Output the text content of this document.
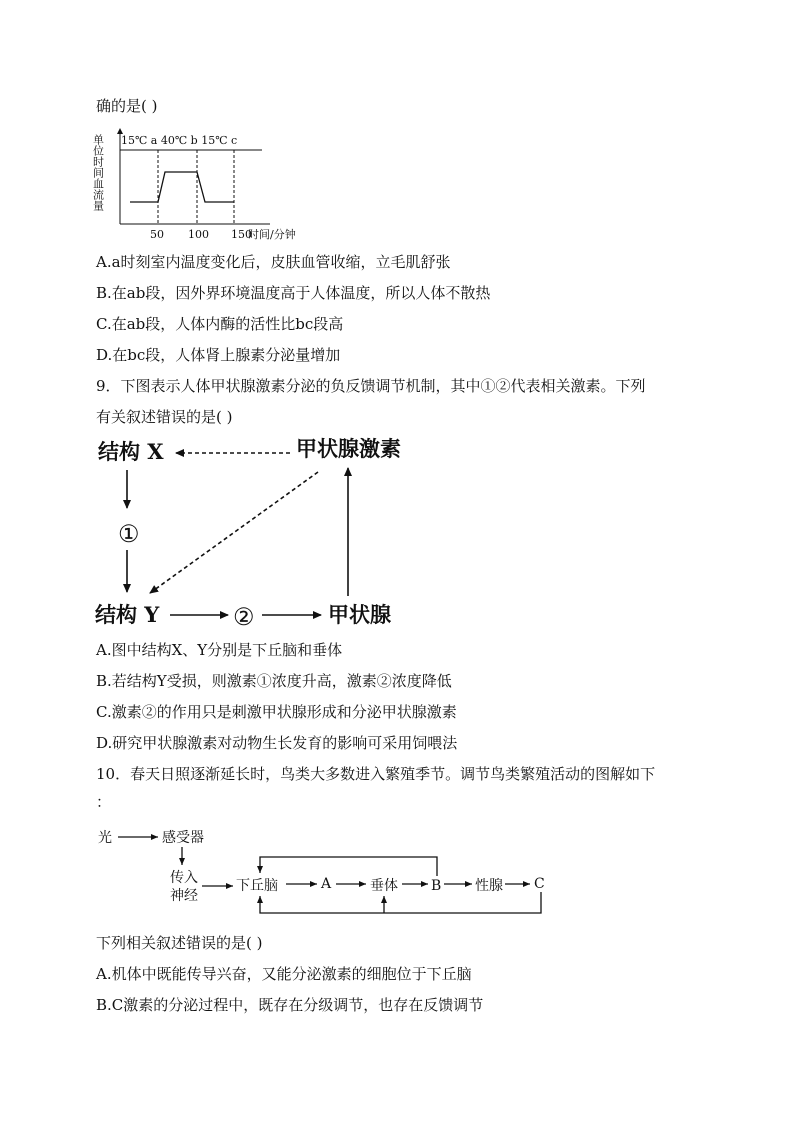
确的是( )
单位时间血流量 15℃ a 40℃ b 15℃ c
50 100 150
时间/分钟
A.a时刻室内温度变化后，皮肤血管收缩，立毛肌舒张
B.在ab段，因外界环境温度高于人体温度，所以人体不散热
C.在ab段，人体内酶的活性比bc段高
D.在bc段，人体肾上腺素分泌量增加
9．下图表示人体甲状腺激素分泌的负反馈调节机制，其中①②代表相关激素。下列
有关叙述错误的是( )
结构 X	甲状腺激素
①
结构 Y	②	甲状腺
A.图中结构X、Y分别是下丘脑和垂体
B.若结构Y受损，则激素①浓度升高，激素②浓度降低
C.激素②的作用只是刺激甲状腺形成和分泌甲状腺激素
D.研究甲状腺激素对动物生长发育的影响可采用饲喂法
10．春天日照逐渐延长时，鸟类大多数进入繁殖季节。调节鸟类繁殖活动的图解如下
：
光	感受器
传入
神经
下丘脑	A	垂体 B 性腺 C
下列相关叙述错误的是( )
A.机体中既能传导兴奋，又能分泌激素的细胞位于下丘脑
B.C激素的分泌过程中，既存在分级调节，也存在反馈调节
